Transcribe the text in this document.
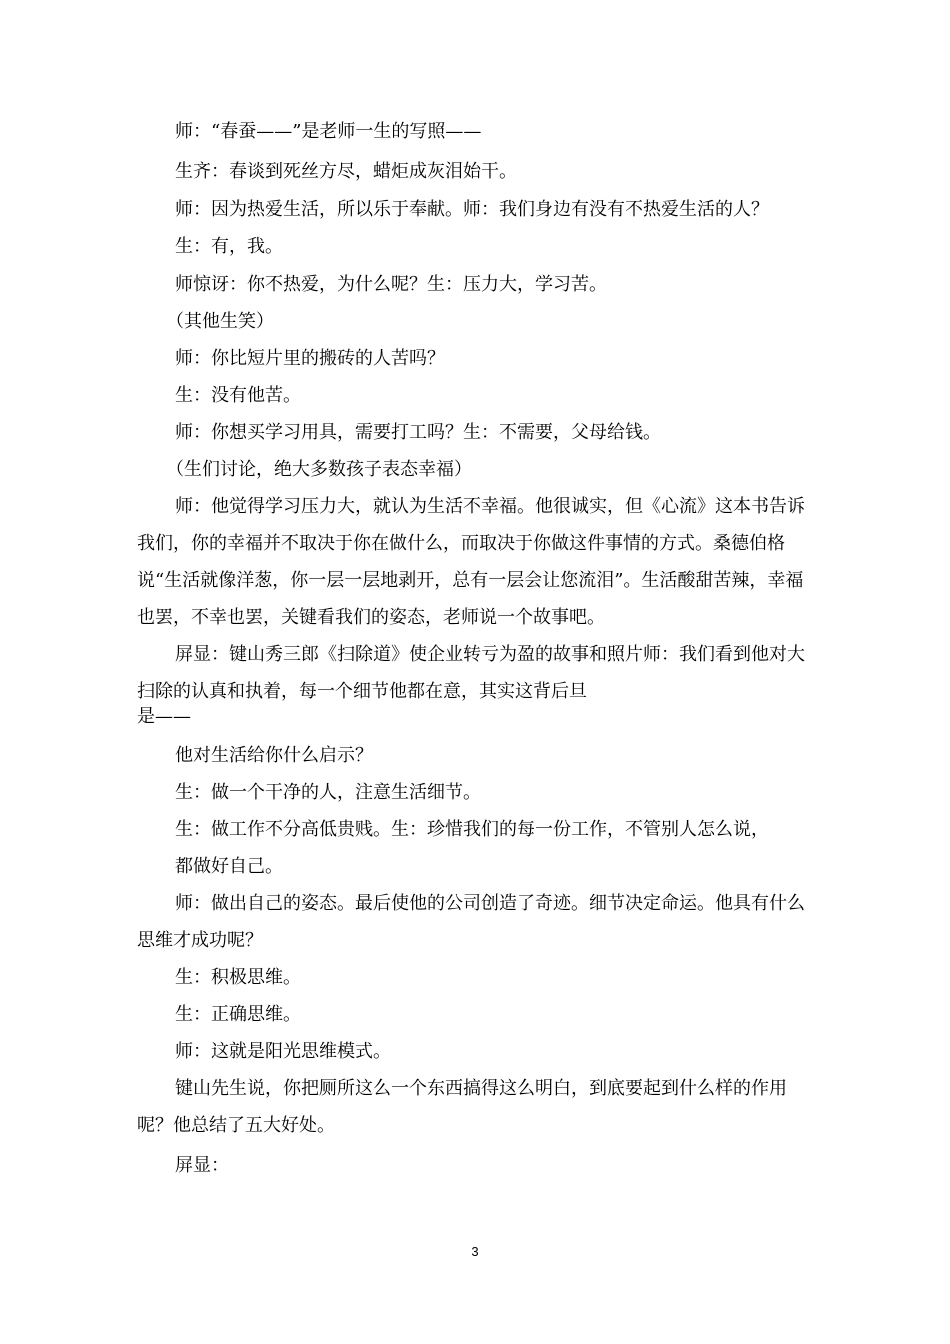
师：“春蚕——”是老师一生的写照——

生齐：春谈到死丝方尽，蜡炬成灰泪始干。

师：因为热爱生活，所以乐于奉献。师：我们身边有没有不热爱生活的人？

生：有，我。

师惊讶：你不热爱，为什么呢？生：压力大，学习苦。

（其他生笑）

师：你比短片里的搬砖的人苦吗？

生：没有他苦。

师：你想买学习用具，需要打工吗？生：不需要，父母给钱。

（生们讨论，绝大多数孩子表态幸福）

师：他觉得学习压力大，就认为生活不幸福。他很诚实，但《心流》这本书告诉我们，你的幸福并不取决于你在做什么，而取决于你做这件事情的方式。桑德伯格说“生活就像洋葱，你一层一层地剥开，总有一层会让您流泪”。生活酸甜苦辣，幸福也罢，不幸也罢，关键看我们的姿态，老师说一个故事吧。

屏显：键山秀三郎《扫除道》使企业转亏为盈的故事和照片师：我们看到他对大扫除的认真和执着，每一个细节他都在意，其实这背后旦

是——

他对生活给你什么启示？

生：做一个干净的人，注意生活细节。

生：做工作不分高低贵贱。生：珍惜我们的每一份工作，不管别人怎么说，

都做好自己。

师：做出自己的姿态。最后使他的公司创造了奇迹。细节决定命运。他具有什么思维才成功呢？

生：积极思维。

生：正确思维。

师：这就是阳光思维模式。

键山先生说，你把厕所这么一个东西搞得这么明白，到底要起到什么样的作用呢？他总结了五大好处。

屏显：

3
